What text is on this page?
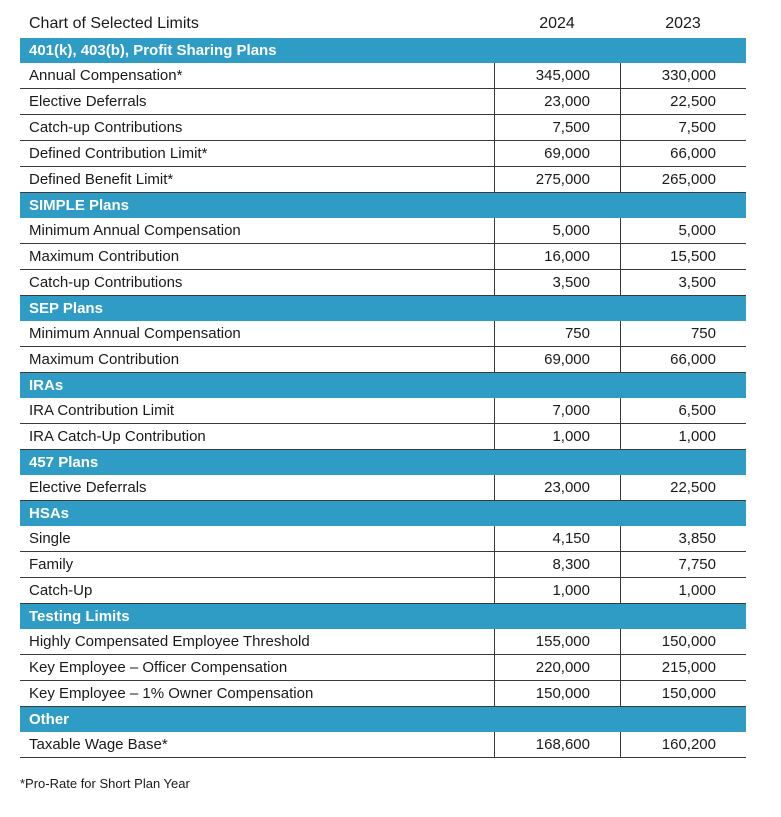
Chart of Selected Limits	2024	2023
401(k), 403(b), Profit Sharing Plans
Annual Compensation*	345,000	330,000
Elective Deferrals	23,000	22,500
Catch-up Contributions	7,500	7,500
Defined Contribution Limit*	69,000	66,000
Defined Benefit Limit*	275,000	265,000
SIMPLE Plans
Minimum Annual Compensation	5,000	5,000
Maximum Contribution	16,000	15,500
Catch-up Contributions	3,500	3,500
SEP Plans
Minimum Annual Compensation	750	750
Maximum Contribution	69,000	66,000
IRAs
IRA Contribution Limit	7,000	6,500
IRA Catch-Up Contribution	1,000	1,000
457 Plans
Elective Deferrals	23,000	22,500
HSAs
Single	4,150	3,850
Family	8,300	7,750
Catch-Up	1,000	1,000
Testing Limits
Highly Compensated Employee Threshold	155,000	150,000
Key Employee – Officer Compensation	220,000	215,000
Key Employee – 1% Owner Compensation	150,000	150,000
Other
Taxable Wage Base*	168,600	160,200
*Pro-Rate for Short Plan Year
